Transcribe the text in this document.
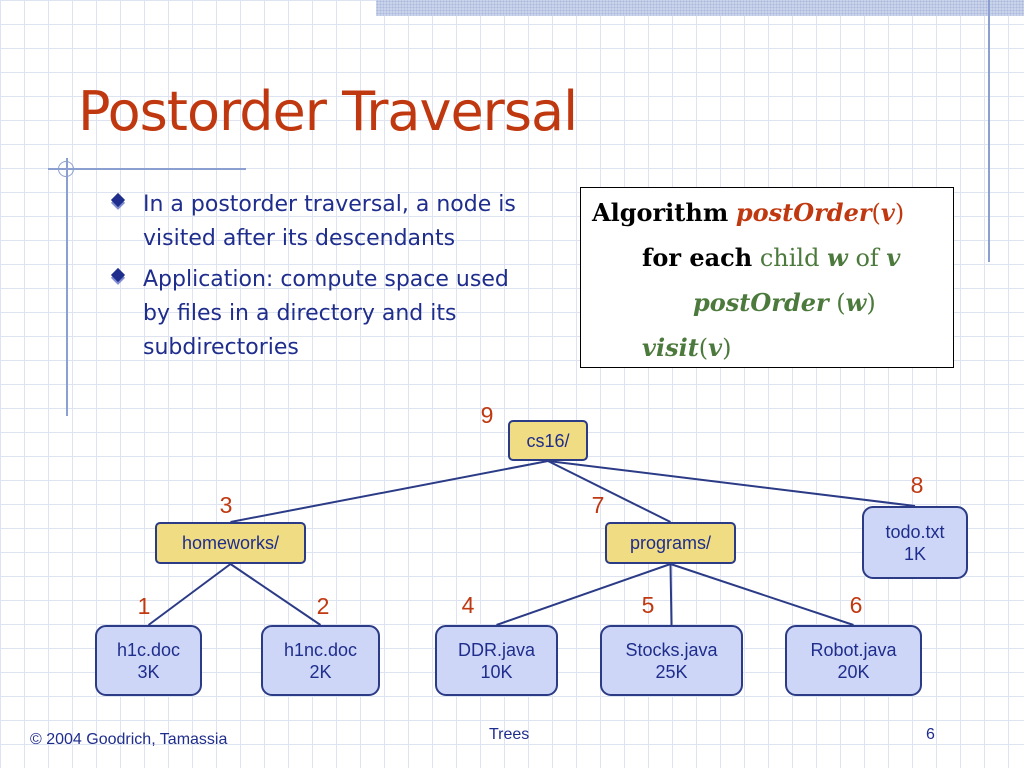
Postorder Traversal
In a postorder traversal, a node is visited after its descendants
Application: compute space used by files in a directory and its subdirectories
Algorithm postOrder(v)
for each child w of v
postOrder (w)
visit(v)
cs16/
9
homeworks/
3
programs/
7
todo.txt
1K
8
h1c.doc
3K
1
h1nc.doc
2K
2
DDR.java
10K
4
Stocks.java
25K
5
Robot.java
20K
6
© 2004 Goodrich, Tamassia	Trees	6
